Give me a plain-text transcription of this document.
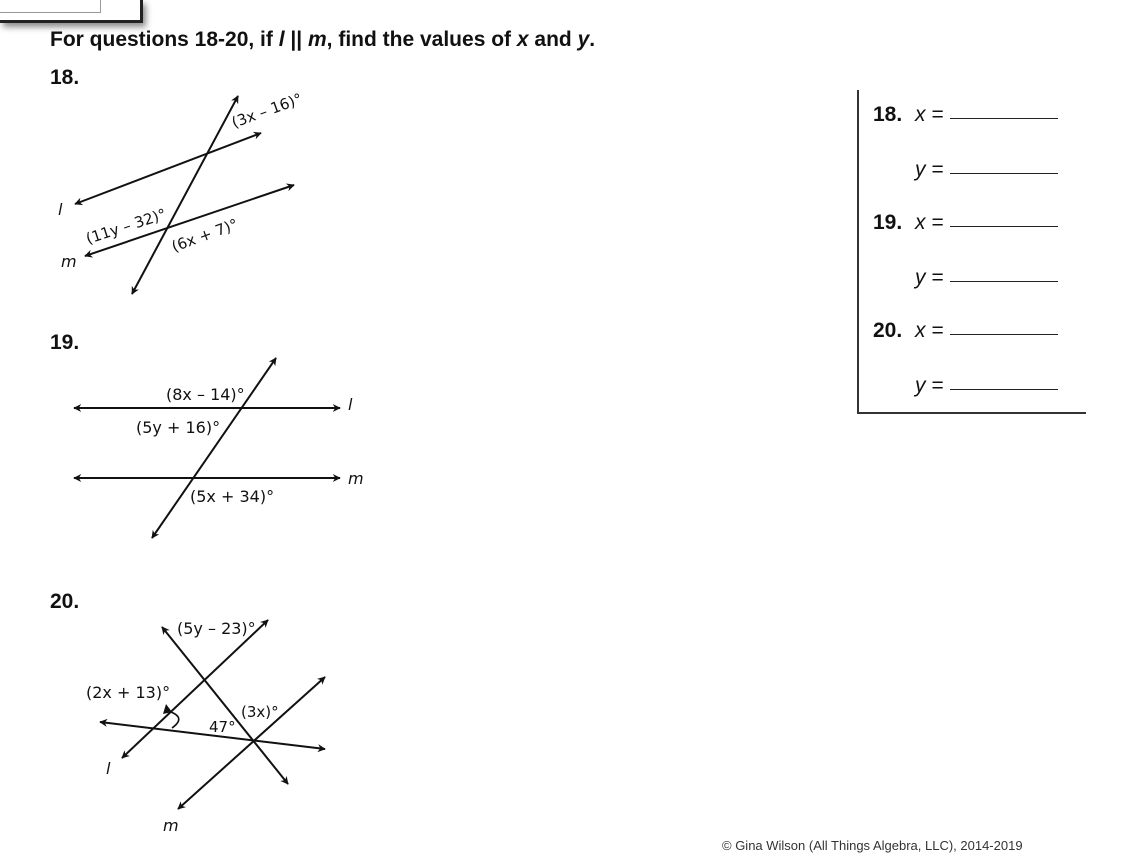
For questions 18-20, if l || m, find the values of x and y.

18.

19.

20.

l
m
(3x – 16)°
(11y – 32)° (6x + 7)°
l
m
(8x – 14)°
(5y + 16)°
(5x + 34)°
l
m
(5y – 23)°
(2x + 13)°
47°
(3x)°
18. x =
y =
19. x =
y =
20. x =
y =
© Gina Wilson (All Things Algebra, LLC), 2014-2019
